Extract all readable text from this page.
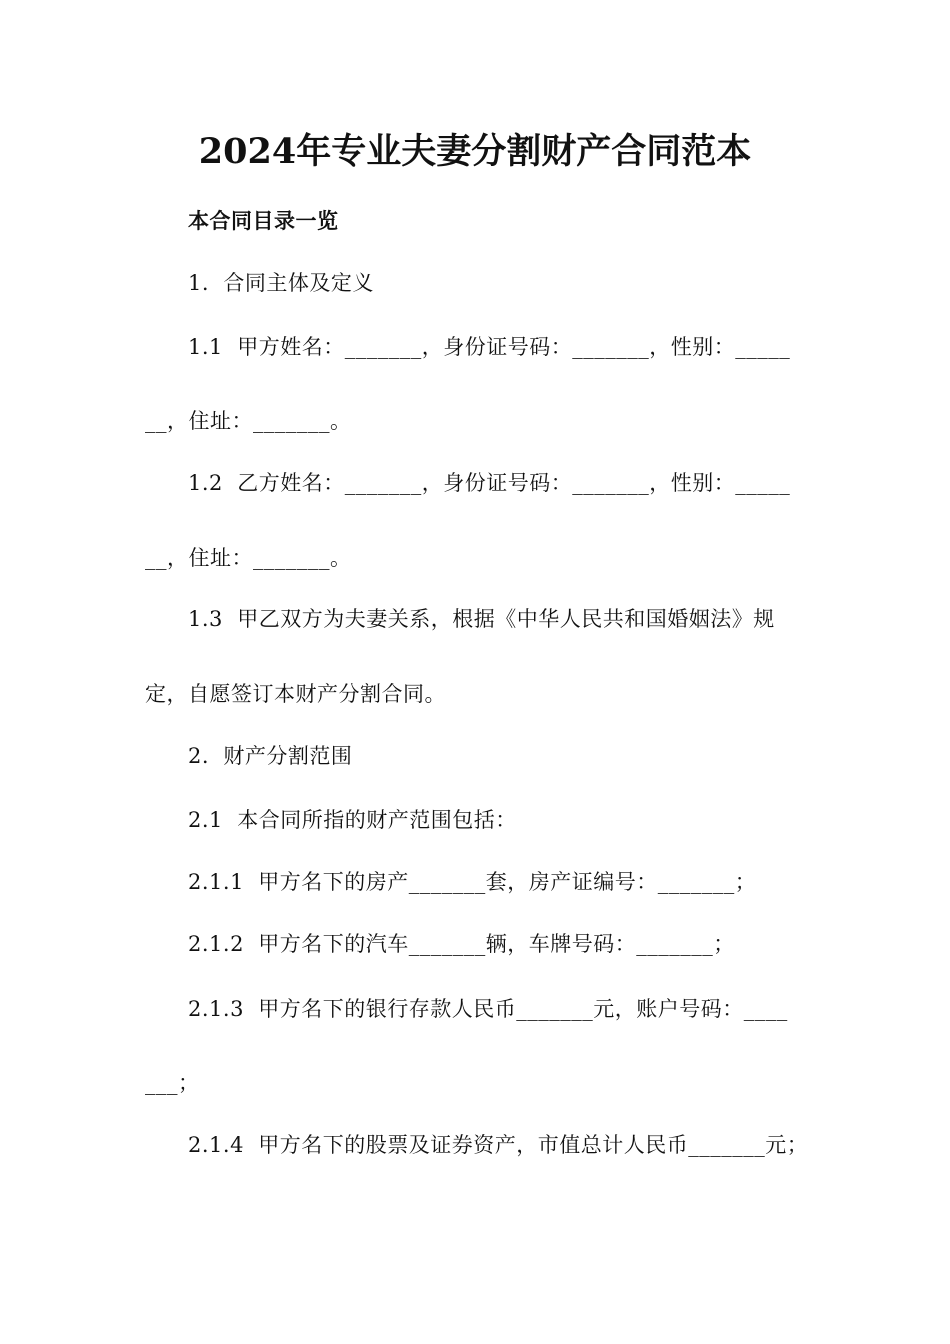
2024年专业夫妻分割财产合同范本
本合同目录一览
1.  合同主体及定义
1.1  甲方姓名：_______，身份证号码：_______，性别：_____
__，住址：_______。
1.2  乙方姓名：_______，身份证号码：_______，性别：_____
__，住址：_______。
1.3  甲乙双方为夫妻关系，根据《中华人民共和国婚姻法》规
定，自愿签订本财产分割合同。
2.  财产分割范围
2.1  本合同所指的财产范围包括：
2.1.1  甲方名下的房产_______套，房产证编号：_______；
2.1.2  甲方名下的汽车_______辆，车牌号码：_______；
2.1.3  甲方名下的银行存款人民币_______元，账户号码：____
___；
2.1.4  甲方名下的股票及证券资产，市值总计人民币_______元；
